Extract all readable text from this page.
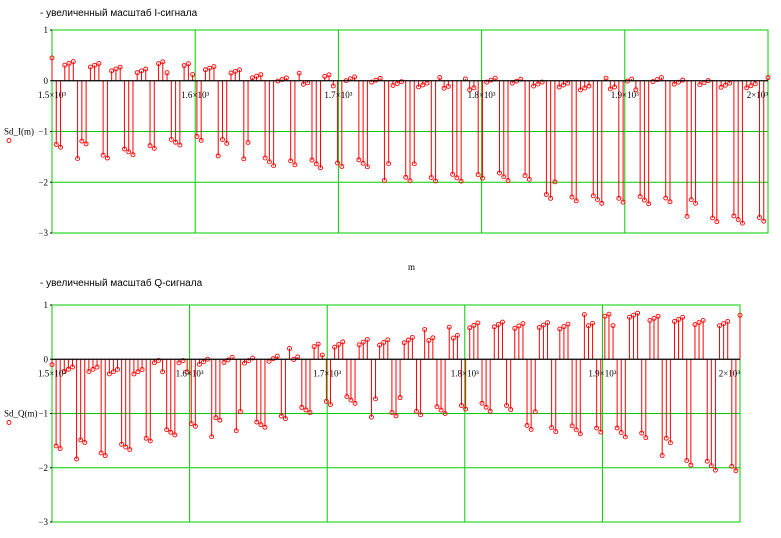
- увеличенный масштаб I-сигнала
- увеличенный масштаб Q-сигнала
m
1
0
−1
−2
−3
1.5×10³	1.6×10³	1.7×10³	1.8×10³	1.9×10³	2×10³
Sd_I(m)
1
0
−1
−2
−3
1.5×10³	1.6×10³	1.7×10³	1.8×10³	1.9×10³	2×10³
Sd_Q(m)
